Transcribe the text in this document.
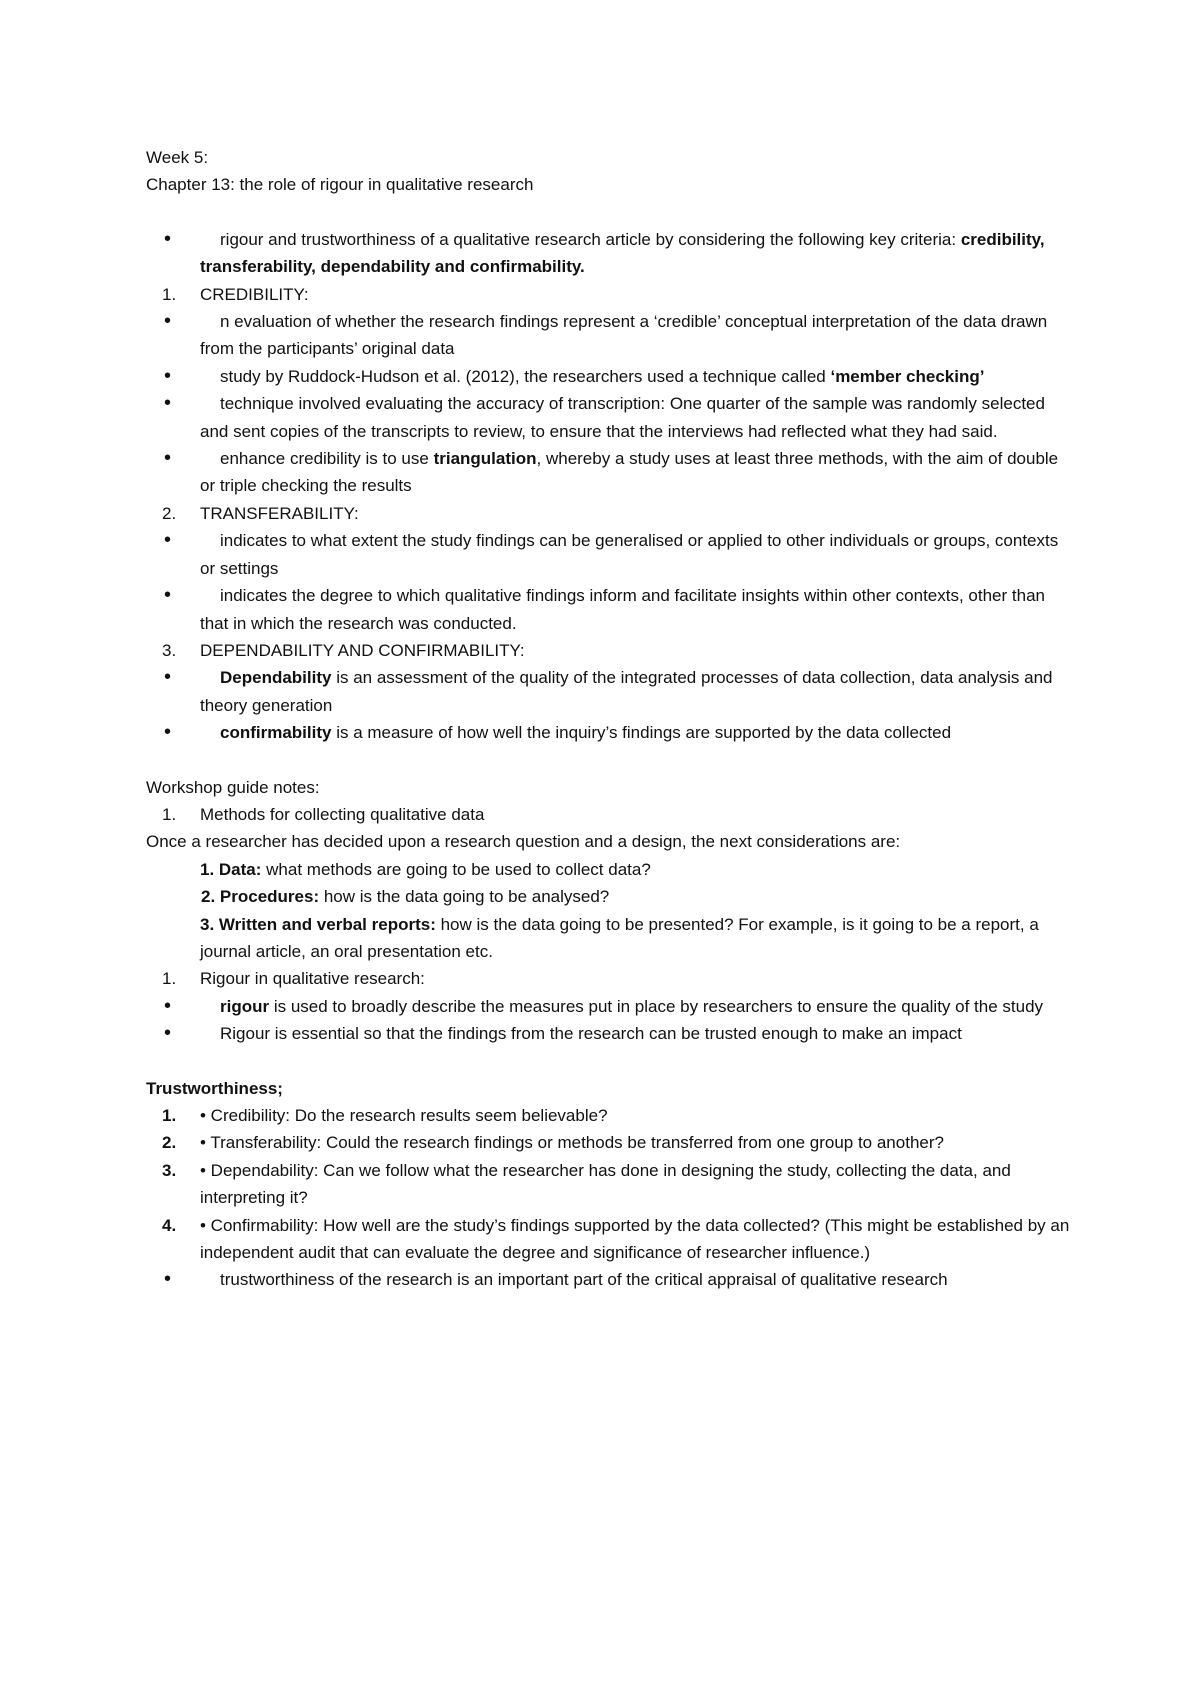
Week 5:
Chapter 13: the role of rigour in qualitative research
•	rigour and trustworthiness of a qualitative research article by considering the following key criteria: credibility, transferability, dependability and confirmability.
1. CREDIBILITY:
•	n evaluation of whether the research findings represent a ‘credible’ conceptual interpretation of the data drawn from the participants’ original data
•	study by Ruddock-Hudson et al. (2012), the researchers used a technique called ‘member checking’
•	technique involved evaluating the accuracy of transcription: One quarter of the sample was randomly selected and sent copies of the transcripts to review, to ensure that the interviews had reflected what they had said.
•	enhance credibility is to use triangulation, whereby a study uses at least three methods, with the aim of double or triple checking the results
2. TRANSFERABILITY:
•	indicates to what extent the study findings can be generalised or applied to other individuals or groups, contexts or settings
•	indicates the degree to which qualitative findings inform and facilitate insights within other contexts, other than that in which the research was conducted.
3. DEPENDABILITY AND CONFIRMABILITY:
•	Dependability is an assessment of the quality of the integrated processes of data collection, data analysis and theory generation
•	confirmability is a measure of how well the inquiry’s findings are supported by the data collected
Workshop guide notes:
1. Methods for collecting qualitative data
Once a researcher has decided upon a research question and a design, the next considerations are:
1. Data: what methods are going to be used to collect data?
2. Procedures: how is the data going to be analysed?
3. Written and verbal reports: how is the data going to be presented? For example, is it going to be a report, a journal article, an oral presentation etc.
1. Rigour in qualitative research:
•	rigour is used to broadly describe the measures put in place by researchers to ensure the quality of the study
•	Rigour is essential so that the findings from the research can be trusted enough to make an impact
Trustworthiness;
1. • Credibility: Do the research results seem believable?
2. • Transferability: Could the research findings or methods be transferred from one group to another?
3. • Dependability: Can we follow what the researcher has done in designing the study, collecting the data, and interpreting it?
4. • Confirmability: How well are the study’s findings supported by the data collected? (This might be established by an independent audit that can evaluate the degree and significance of researcher influence.)
•	trustworthiness of the research is an important part of the critical appraisal of qualitative research
